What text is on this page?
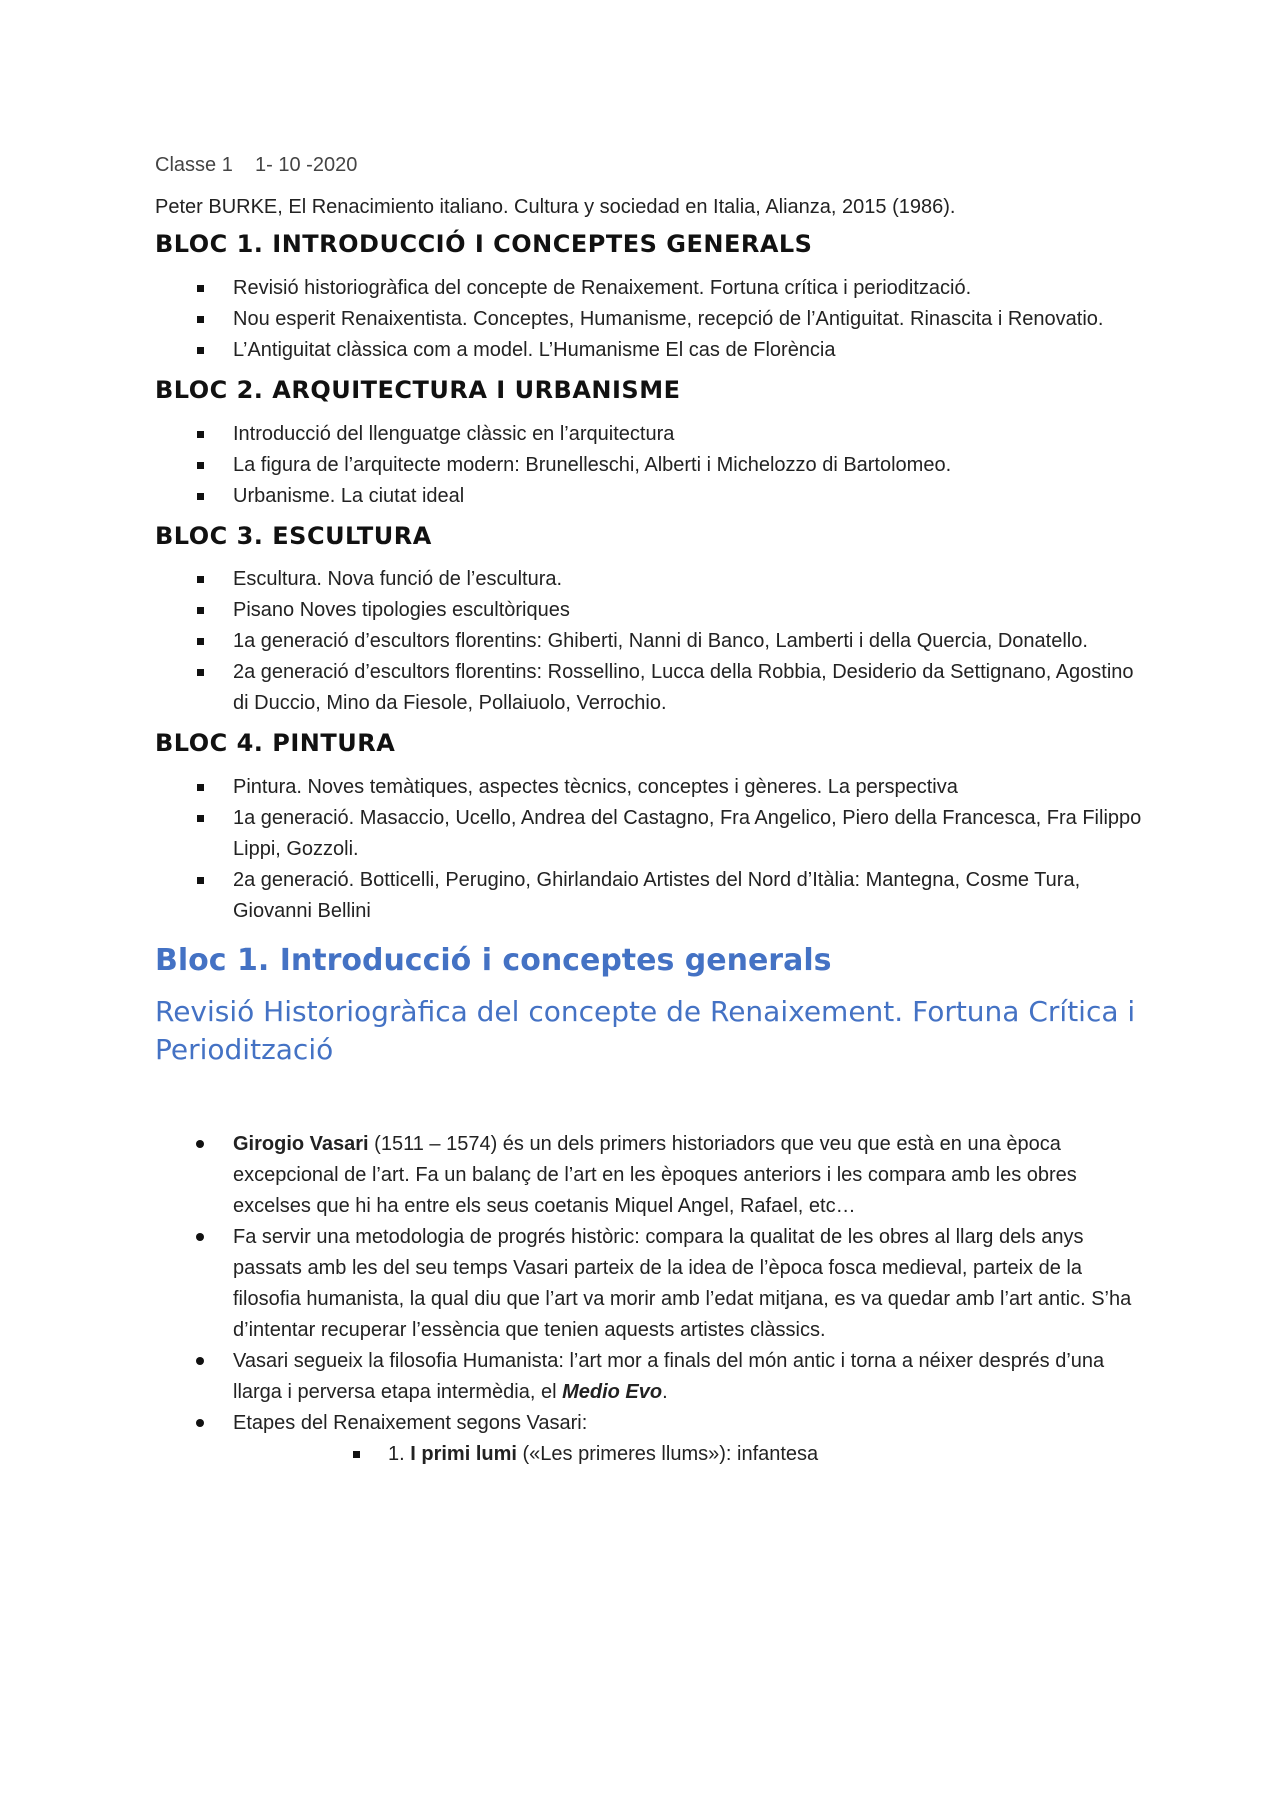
Classe 1    1- 10 -2020

Peter BURKE, El Renacimiento italiano. Cultura y sociedad en Italia, Alianza, 2015 (1986).

BLOC 1. INTRODUCCIÓ I CONCEPTES GENERALS
Revisió historiogràfica del concepte de Renaixement. Fortuna crítica i periodització.
Nou esperit Renaixentista. Conceptes, Humanisme, recepció de l’Antiguitat. Rinascita i Renovatio.
L’Antiguitat clàssica com a model. L’Humanisme El cas de Florència
BLOC 2. ARQUITECTURA I URBANISME
Introducció del llenguatge clàssic en l’arquitectura
La figura de l’arquitecte modern: Brunelleschi, Alberti i Michelozzo di Bartolomeo.
Urbanisme. La ciutat ideal
BLOC 3. ESCULTURA
Escultura. Nova funció de l’escultura.
Pisano Noves tipologies escultòriques
1a generació d’escultors florentins: Ghiberti, Nanni di Banco, Lamberti i della Quercia, Donatello.
2a generació d’escultors florentins: Rossellino, Lucca della Robbia, Desiderio da Settignano, Agostino di Duccio, Mino da Fiesole, Pollaiuolo, Verrochio.
BLOC 4. PINTURA
Pintura. Noves temàtiques, aspectes tècnics, conceptes i gèneres. La perspectiva
1a generació. Masaccio, Ucello, Andrea del Castagno, Fra Angelico, Piero della Francesca, Fra Filippo Lippi, Gozzoli.
2a generació. Botticelli, Perugino, Ghirlandaio Artistes del Nord d’Itàlia: Mantegna, Cosme Tura, Giovanni Bellini
Bloc 1. Introducció i conceptes generals
Revisió Historiogràfica del concepte de Renaixement. Fortuna Crítica i Periodització
Girogio Vasari (1511 – 1574) és un dels primers historiadors que veu que està en una època excepcional de l’art. Fa un balanç de l’art en les èpoques anteriors i les compara amb les obres excelses que hi ha entre els seus coetanis Miquel Angel, Rafael, etc…
Fa servir una metodologia de progrés històric: compara la qualitat de les obres al llarg dels anys passats amb les del seu temps Vasari parteix de la idea de l’època fosca medieval, parteix de la filosofia humanista, la qual diu que l’art va morir amb l’edat mitjana, es va quedar amb l’art antic. S’ha d’intentar recuperar l’essència que tenien aquests artistes clàssics.
Vasari segueix la filosofia Humanista: l’art mor a finals del món antic i torna a néixer després d’una llarga i perversa etapa intermèdia, el Medio Evo.
Etapes del Renaixement segons Vasari:
1. I primi lumi («Les primeres llums»): infantesa
